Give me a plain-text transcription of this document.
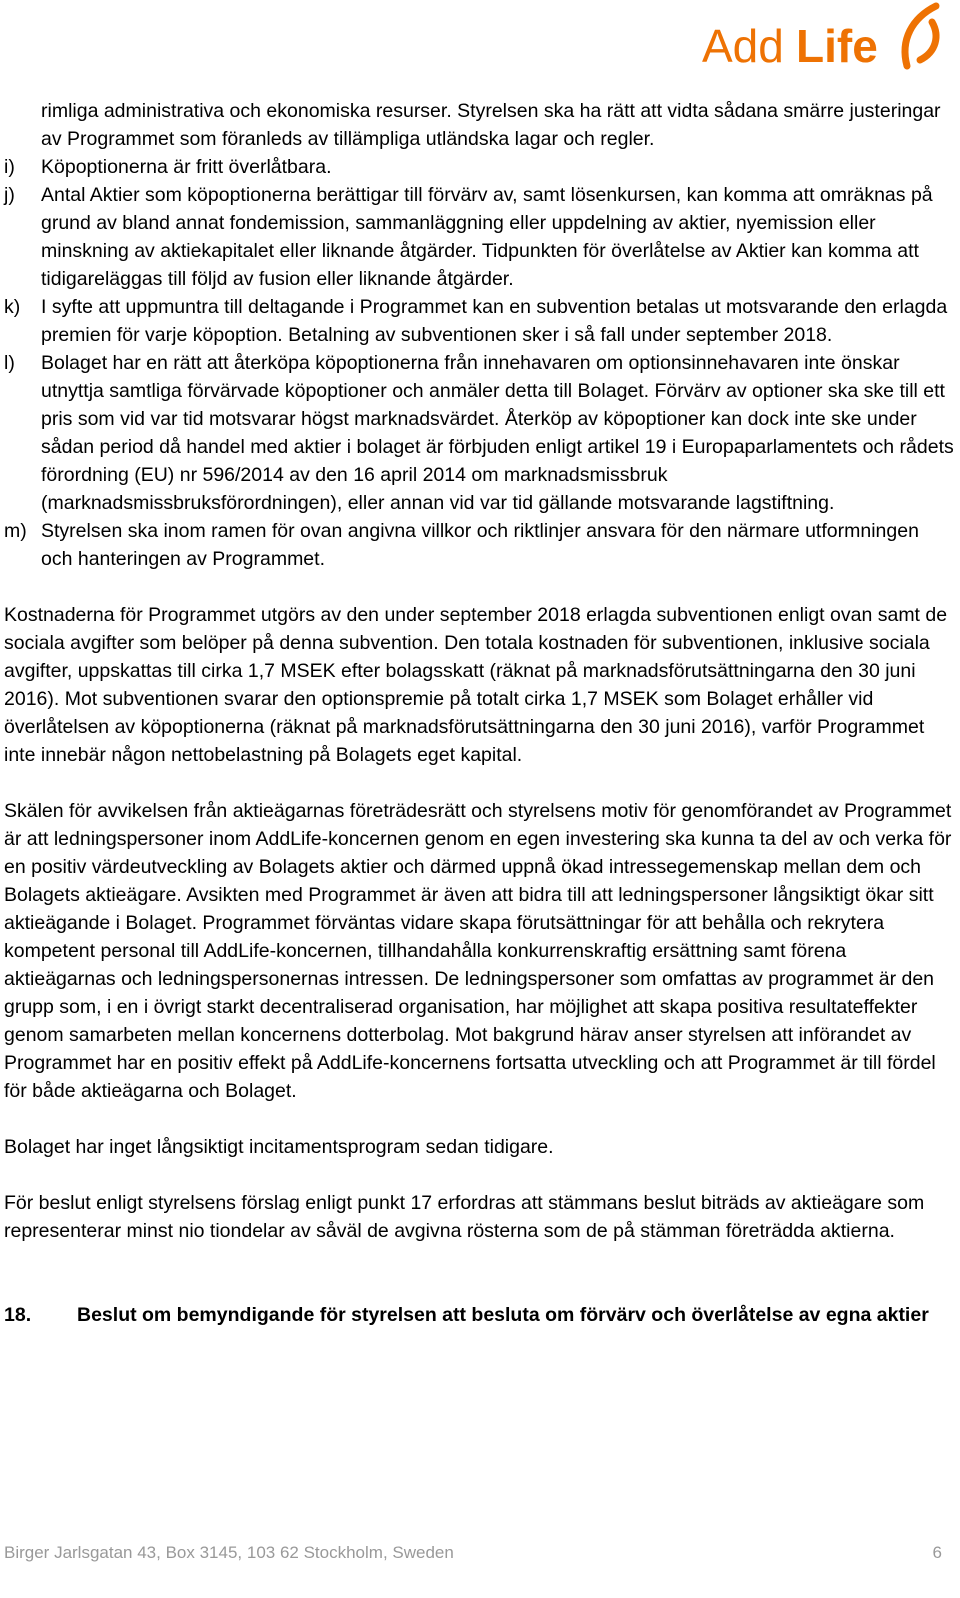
Add Life
rimliga administrativa och ekonomiska resurser. Styrelsen ska ha rätt att vidta sådana smärre justeringar av Programmet som föranleds av tillämpliga utländska lagar och regler.
i) Köpoptionerna är fritt överlåtbara.
j) Antal Aktier som köpoptionerna berättigar till förvärv av, samt lösenkursen, kan komma att omräknas på grund av bland annat fondemission, sammanläggning eller uppdelning av aktier, nyemission eller minskning av aktiekapitalet eller liknande åtgärder. Tidpunkten för överlåtelse av Aktier kan komma att tidigareläggas till följd av fusion eller liknande åtgärder.
k) I syfte att uppmuntra till deltagande i Programmet kan en subvention betalas ut motsvarande den erlagda premien för varje köpoption. Betalning av subventionen sker i så fall under september 2018.
l) Bolaget har en rätt att återköpa köpoptionerna från innehavaren om optionsinnehavaren inte önskar utnyttja samtliga förvärvade köpoptioner och anmäler detta till Bolaget. Förvärv av optioner ska ske till ett pris som vid var tid motsvarar högst marknadsvärdet. Återköp av köpoptioner kan dock inte ske under sådan period då handel med aktier i bolaget är förbjuden enligt artikel 19 i Europaparlamentets och rådets förordning (EU) nr 596/2014 av den 16 april 2014 om marknadsmissbruk (marknadsmissbruksförordningen), eller annan vid var tid gällande motsvarande lagstiftning.
m) Styrelsen ska inom ramen för ovan angivna villkor och riktlinjer ansvara för den närmare utformningen och hanteringen av Programmet.

Kostnaderna för Programmet utgörs av den under september 2018 erlagda subventionen enligt ovan samt de sociala avgifter som belöper på denna subvention. Den totala kostnaden för subventionen, inklusive sociala avgifter, uppskattas till cirka 1,7 MSEK efter bolagsskatt (räknat på marknadsförutsättningarna den 30 juni 2016). Mot subventionen svarar den optionspremie på totalt cirka 1,7 MSEK som Bolaget erhåller vid överlåtelsen av köpoptionerna (räknat på marknadsförutsättningarna den 30 juni 2016), varför Programmet inte innebär någon nettobelastning på Bolagets eget kapital.

Skälen för avvikelsen från aktieägarnas företrädesrätt och styrelsens motiv för genomförandet av Programmet är att ledningspersoner inom AddLife-koncernen genom en egen investering ska kunna ta del av och verka för en positiv värdeutveckling av Bolagets aktier och därmed uppnå ökad intressegemenskap mellan dem och Bolagets aktieägare. Avsikten med Programmet är även att bidra till att ledningspersoner långsiktigt ökar sitt aktieägande i Bolaget. Programmet förväntas vidare skapa förutsättningar för att behålla och rekrytera kompetent personal till AddLife-koncernen, tillhandahålla konkurrenskraftig ersättning samt förena aktieägarnas och ledningspersonernas intressen. De ledningspersoner som omfattas av programmet är den grupp som, i en i övrigt starkt decentraliserad organisation, har möjlighet att skapa positiva resultateffekter genom samarbeten mellan koncernens dotterbolag. Mot bakgrund härav anser styrelsen att införandet av Programmet har en positiv effekt på AddLife-koncernens fortsatta utveckling och att Programmet är till fördel för både aktieägarna och Bolaget.

Bolaget har inget långsiktigt incitamentsprogram sedan tidigare.

För beslut enligt styrelsens förslag enligt punkt 17 erfordras att stämmans beslut biträds av aktieägare som representerar minst nio tiondelar av såväl de avgivna rösterna som de på stämman företrädda aktierna.

18. Beslut om bemyndigande för styrelsen att besluta om förvärv och överlåtelse av egna aktier
Birger Jarlsgatan 43, Box 3145, 103 62 Stockholm, Sweden	6
